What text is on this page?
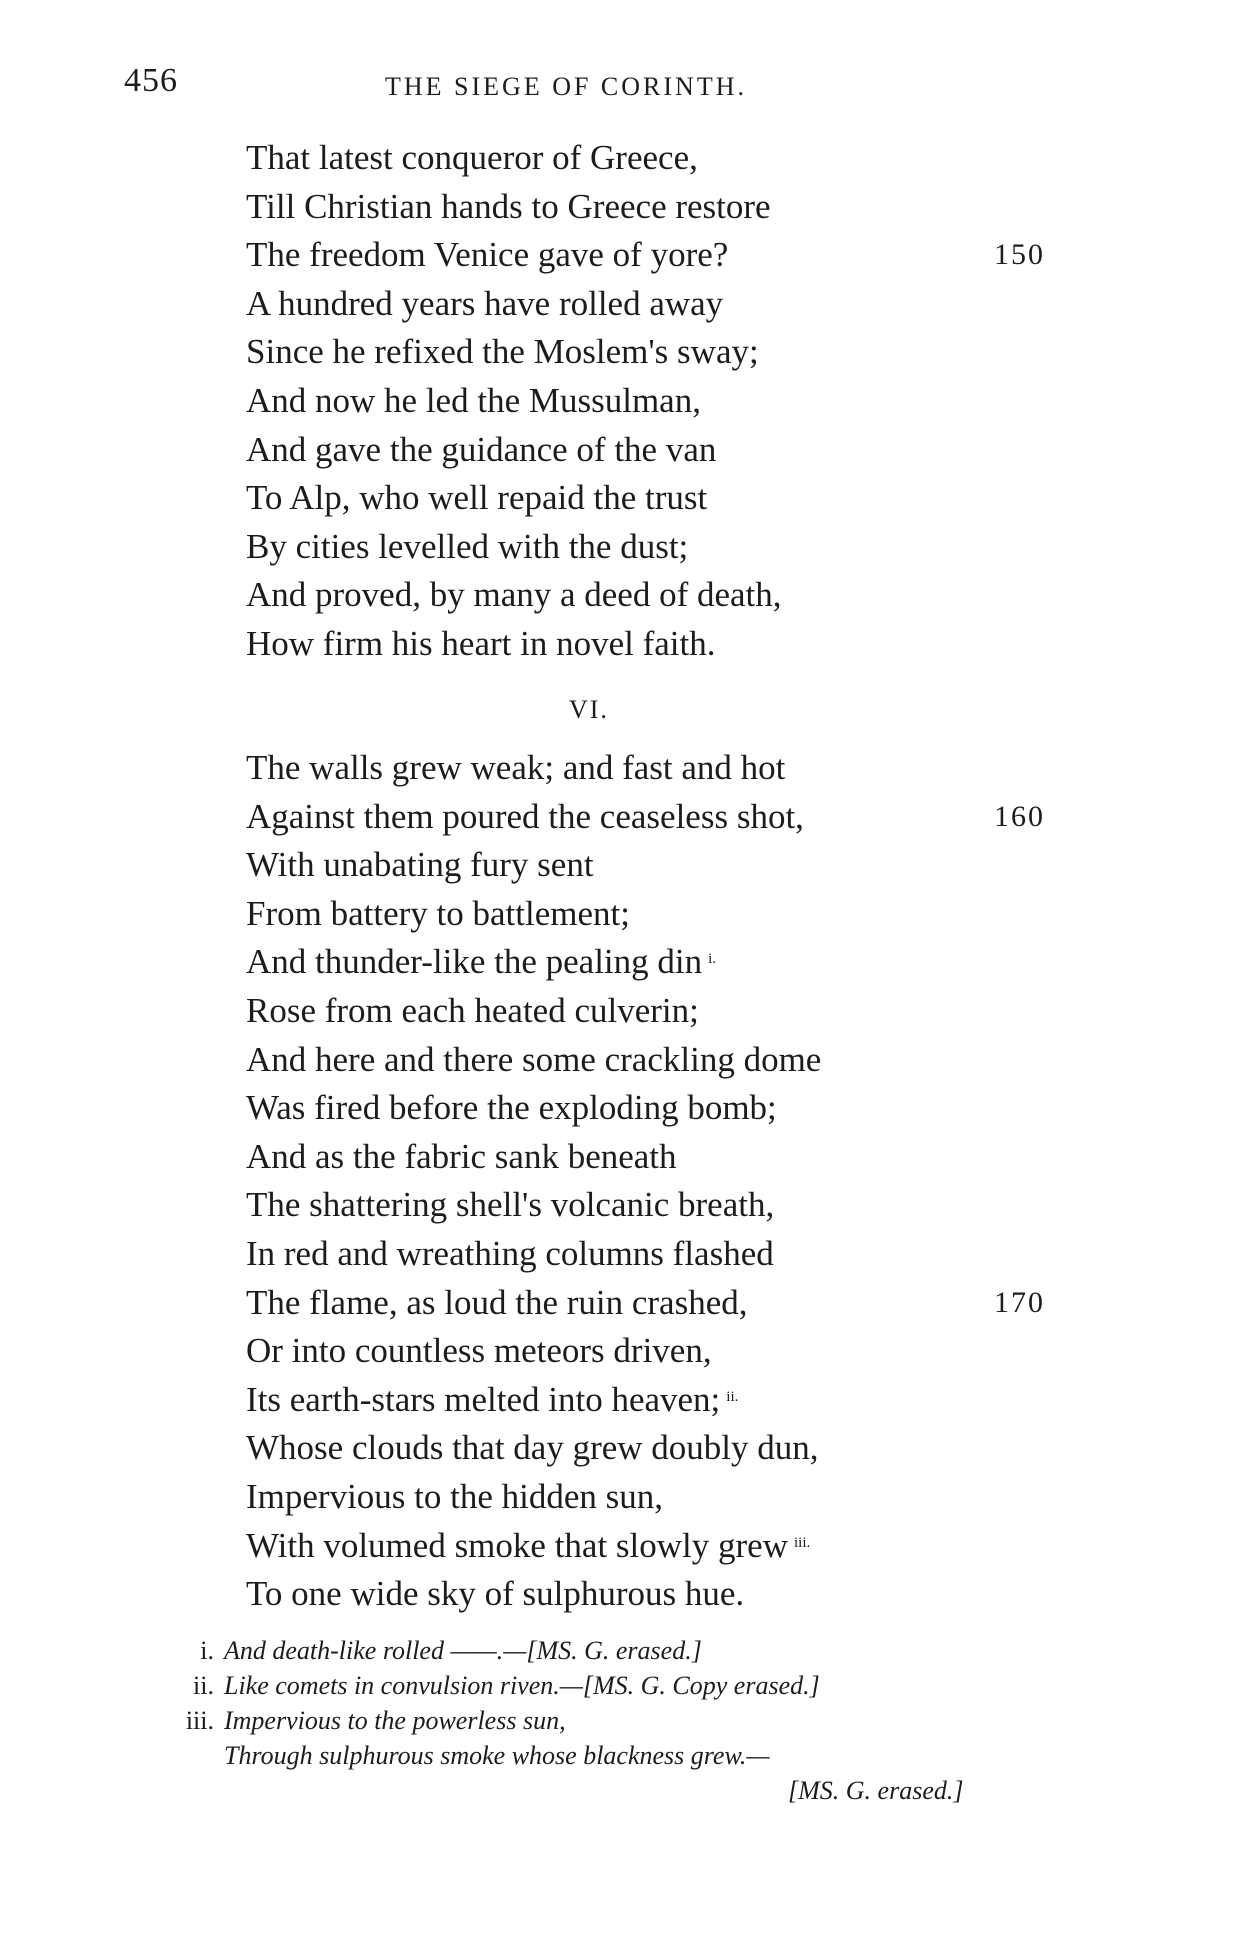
456	THE SIEGE OF CORINTH.
That latest conqueror of Greece,
Till Christian hands to Greece restore
The freedom Venice gave of yore?	150
A hundred years have rolled away
Since he refixed the Moslem's sway;
And now he led the Mussulman,
And gave the guidance of the van
To Alp, who well repaid the trust
By cities levelled with the dust;
And proved, by many a deed of death,
How firm his heart in novel faith.
VI.
The walls grew weak; and fast and hot
Against them poured the ceaseless shot,	160
With unabating fury sent
From battery to battlement;
And thunder-like the pealing din $^{i.}$
Rose from each heated culverin;
And here and there some crackling dome
Was fired before the exploding bomb;
And as the fabric sank beneath
The shattering shell's volcanic breath,
In red and wreathing columns flashed
The flame, as loud the ruin crashed,	170
Or into countless meteors driven,
Its earth-stars melted into heaven; $^{ii.}$
Whose clouds that day grew doubly dun,
Impervious to the hidden sun,
With volumed smoke that slowly grew $^{iii.}$
To one wide sky of sulphurous hue.
i. And death-like rolled ——.—[MS. G. erased.]
ii. Like comets in convulsion riven.—[MS. G. Copy erased.]
iii. Impervious to the powerless sun,
Through sulphurous smoke whose blackness grew.—
[MS. G. erased.]
